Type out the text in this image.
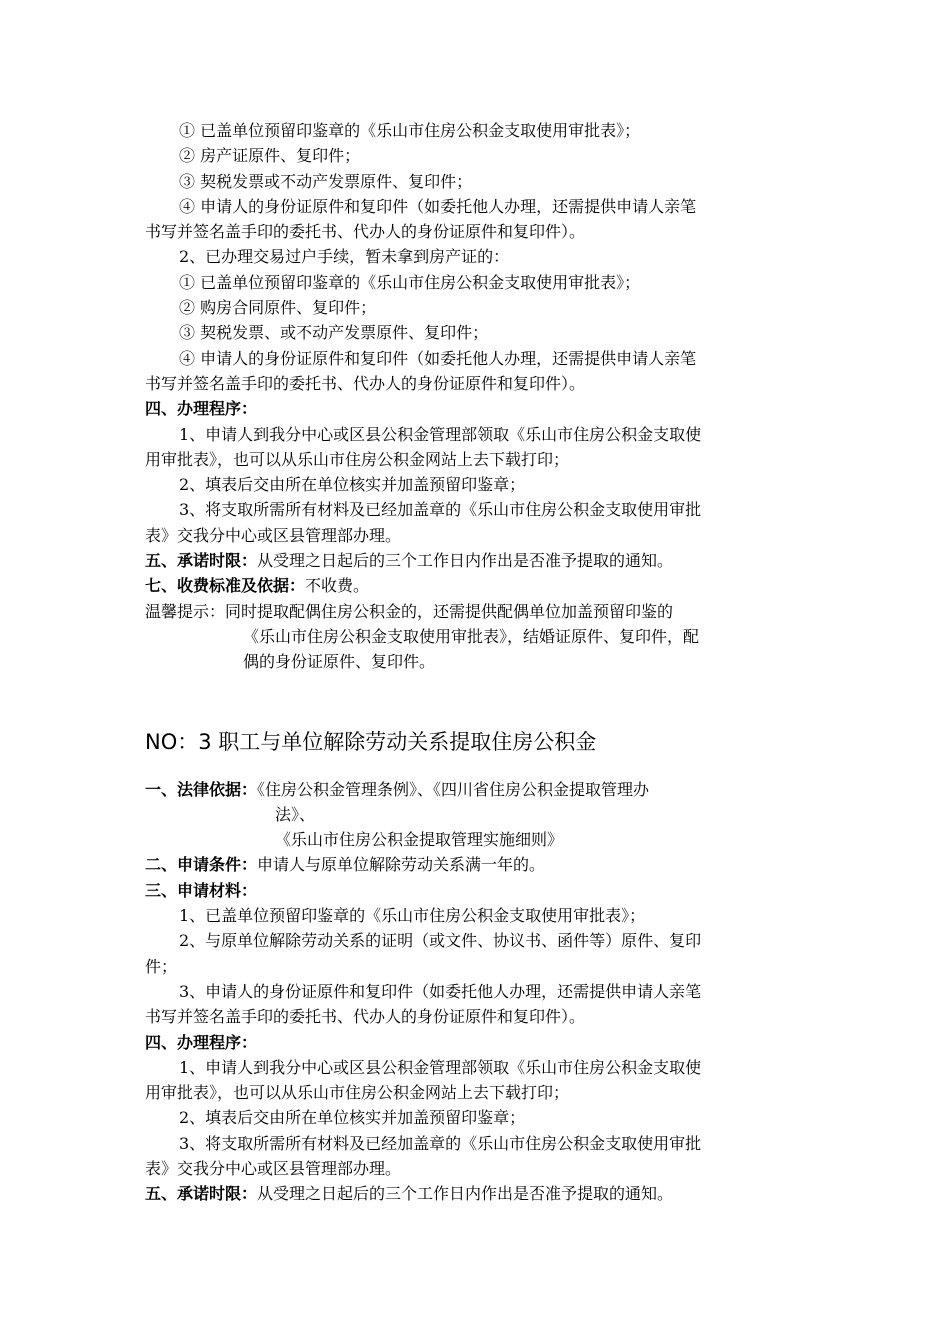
① 已盖单位预留印鉴章的《乐山市住房公积金支取使用审批表》；
② 房产证原件、复印件；
③ 契税发票或不动产发票原件、复印件；
④ 申请人的身份证原件和复印件（如委托他人办理，还需提供申请人亲笔
书写并签名盖手印的委托书、代办人的身份证原件和复印件）。
2、已办理交易过户手续，暂未拿到房产证的：
① 已盖单位预留印鉴章的《乐山市住房公积金支取使用审批表》；
② 购房合同原件、复印件；
③ 契税发票、或不动产发票原件、复印件；
④ 申请人的身份证原件和复印件（如委托他人办理，还需提供申请人亲笔
书写并签名盖手印的委托书、代办人的身份证原件和复印件）。
四、办理程序：
1、申请人到我分中心或区县公积金管理部领取《乐山市住房公积金支取使
用审批表》，也可以从乐山市住房公积金网站上去下载打印；
2、填表后交由所在单位核实并加盖预留印鉴章；
3、将支取所需所有材料及已经加盖章的《乐山市住房公积金支取使用审批
表》交我分中心或区县管理部办理。
五、承诺时限：从受理之日起后的三个工作日内作出是否准予提取的通知。
七、收费标准及依据：不收费。
温馨提示：同时提取配偶住房公积金的，还需提供配偶单位加盖预留印鉴的
《乐山市住房公积金支取使用审批表》，结婚证原件、复印件，配
偶的身份证原件、复印件。
NO：3 职工与单位解除劳动关系提取住房公积金
一、法律依据：《住房公积金管理条例》、《四川省住房公积金提取管理办
法》、
《乐山市住房公积金提取管理实施细则》
二、申请条件：申请人与原单位解除劳动关系满一年的。
三、申请材料：
1、已盖单位预留印鉴章的《乐山市住房公积金支取使用审批表》；
2、与原单位解除劳动关系的证明（或文件、协议书、函件等）原件、复印
件；
3、申请人的身份证原件和复印件（如委托他人办理，还需提供申请人亲笔
书写并签名盖手印的委托书、代办人的身份证原件和复印件）。
四、办理程序：
1、申请人到我分中心或区县公积金管理部领取《乐山市住房公积金支取使
用审批表》，也可以从乐山市住房公积金网站上去下载打印；
2、填表后交由所在单位核实并加盖预留印鉴章；
3、将支取所需所有材料及已经加盖章的《乐山市住房公积金支取使用审批
表》交我分中心或区县管理部办理。
五、承诺时限：从受理之日起后的三个工作日内作出是否准予提取的通知。
